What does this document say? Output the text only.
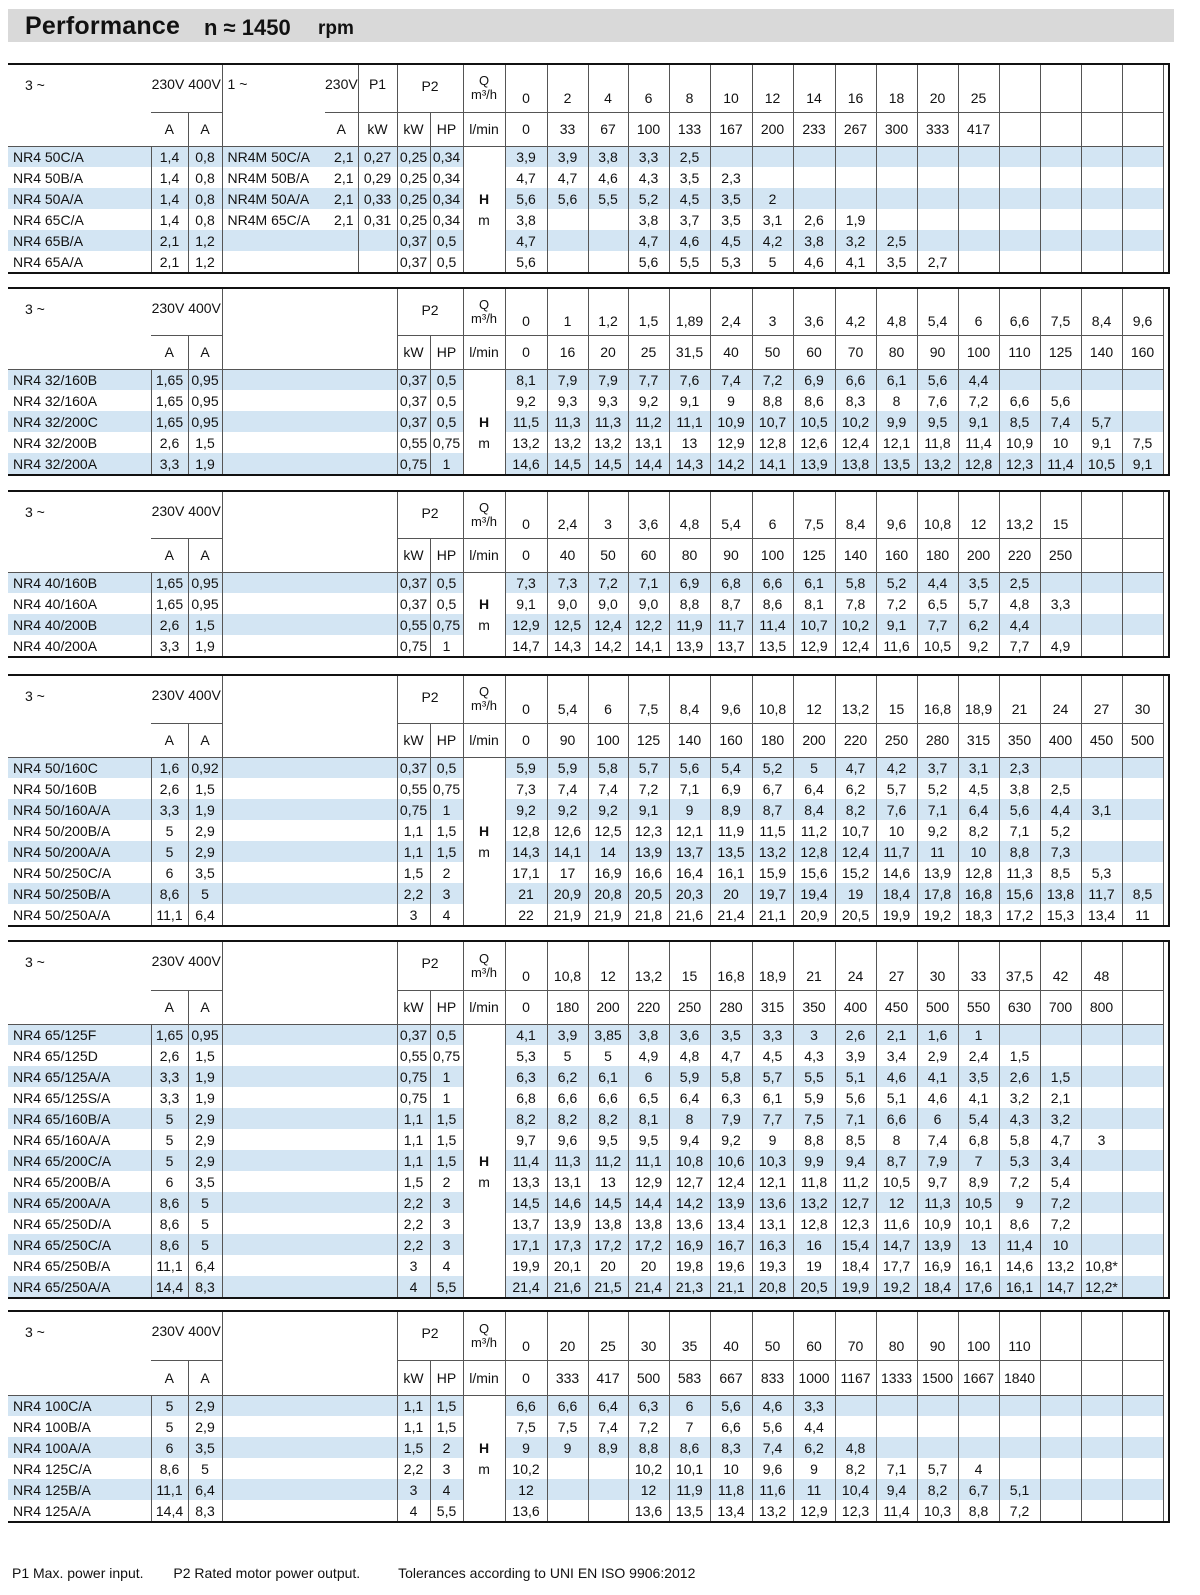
Performance n ≈ 1450 rpm
3 ~	230V 400V		1 ~	230V	P1	P2		Q
m³/h	0	2	4	6	8	10	12	14	16	18	20	25				
	A	A		A	kW	kW	HP	l/min	0	33	67	100	133	167	200	233	267	300	333	417				
NR4 50C/A	1,4	0,8	NR4M 50C/A	2,1	0,27	0,25	0,34		3,9	3,9	3,8	3,3	2,5											
NR4 50B/A	1,4	0,8	NR4M 50B/A	2,1	0,29	0,25	0,34		4,7	4,7	4,6	4,3	3,5	2,3										
NR4 50A/A	1,4	0,8	NR4M 50A/A	2,1	0,33	0,25	0,34	H	5,6	5,6	5,5	5,2	4,5	3,5	2									
NR4 65C/A	1,4	0,8	NR4M 65C/A	2,1	0,31	0,25	0,34	m	3,8			3,8	3,7	3,5	3,1	2,6	1,9							
NR4 65B/A	2,1	1,2				0,37	0,5		4,7			4,7	4,6	4,5	4,2	3,8	3,2	2,5						
NR4 65A/A	2,1	1,2				0,37	0,5		5,6			5,6	5,5	5,3	5	4,6	4,1	3,5	2,7					
3 ~	230V 400V			P2		Q
m³/h	0	1	1,2	1,5	1,89	2,4	3	3,6	4,2	4,8	5,4	6	6,6	7,5	8,4	9,6
	A	A		kW	HP	l/min	0	16	20	25	31,5	40	50	60	70	80	90	100	110	125	140	160
NR4 32/160B	1,65	0,95		0,37	0,5		8,1	7,9	7,9	7,7	7,6	7,4	7,2	6,9	6,6	6,1	5,6	4,4				
NR4 32/160A	1,65	0,95		0,37	0,5		9,2	9,3	9,3	9,2	9,1	9	8,8	8,6	8,3	8	7,6	7,2	6,6	5,6		
NR4 32/200C	1,65	0,95		0,37	0,5	H	11,5	11,3	11,3	11,2	11,1	10,9	10,7	10,5	10,2	9,9	9,5	9,1	8,5	7,4	5,7	
NR4 32/200B	2,6	1,5		0,55	0,75	m	13,2	13,2	13,2	13,1	13	12,9	12,8	12,6	12,4	12,1	11,8	11,4	10,9	10	9,1	7,5
NR4 32/200A	3,3	1,9		0,75	1		14,6	14,5	14,5	14,4	14,3	14,2	14,1	13,9	13,8	13,5	13,2	12,8	12,3	11,4	10,5	9,1
3 ~	230V 400V			P2		Q
m³/h	0	2,4	3	3,6	4,8	5,4	6	7,5	8,4	9,6	10,8	12	13,2	15		
	A	A		kW	HP	l/min	0	40	50	60	80	90	100	125	140	160	180	200	220	250		
NR4 40/160B	1,65	0,95		0,37	0,5		7,3	7,3	7,2	7,1	6,9	6,8	6,6	6,1	5,8	5,2	4,4	3,5	2,5			
NR4 40/160A	1,65	0,95		0,37	0,5	H	9,1	9,0	9,0	9,0	8,8	8,7	8,6	8,1	7,8	7,2	6,5	5,7	4,8	3,3		
NR4 40/200B	2,6	1,5		0,55	0,75	m	12,9	12,5	12,4	12,2	11,9	11,7	11,4	10,7	10,2	9,1	7,7	6,2	4,4			
NR4 40/200A	3,3	1,9		0,75	1		14,7	14,3	14,2	14,1	13,9	13,7	13,5	12,9	12,4	11,6	10,5	9,2	7,7	4,9		
3 ~	230V 400V			P2		Q
m³/h	0	5,4	6	7,5	8,4	9,6	10,8	12	13,2	15	16,8	18,9	21	24	27	30
	A	A		kW	HP	l/min	0	90	100	125	140	160	180	200	220	250	280	315	350	400	450	500
NR4 50/160C	1,6	0,92		0,37	0,5		5,9	5,9	5,8	5,7	5,6	5,4	5,2	5	4,7	4,2	3,7	3,1	2,3			
NR4 50/160B	2,6	1,5		0,55	0,75		7,3	7,4	7,4	7,2	7,1	6,9	6,7	6,4	6,2	5,7	5,2	4,5	3,8	2,5		
NR4 50/160A/A	3,3	1,9		0,75	1		9,2	9,2	9,2	9,1	9	8,9	8,7	8,4	8,2	7,6	7,1	6,4	5,6	4,4	3,1	
NR4 50/200B/A	5	2,9		1,1	1,5	H	12,8	12,6	12,5	12,3	12,1	11,9	11,5	11,2	10,7	10	9,2	8,2	7,1	5,2		
NR4 50/200A/A	5	2,9		1,1	1,5	m	14,3	14,1	14	13,9	13,7	13,5	13,2	12,8	12,4	11,7	11	10	8,8	7,3		
NR4 50/250C/A	6	3,5		1,5	2		17,1	17	16,9	16,6	16,4	16,1	15,9	15,6	15,2	14,6	13,9	12,8	11,3	8,5	5,3	
NR4 50/250B/A	8,6	5		2,2	3		21	20,9	20,8	20,5	20,3	20	19,7	19,4	19	18,4	17,8	16,8	15,6	13,8	11,7	8,5
NR4 50/250A/A	11,1	6,4		3	4		22	21,9	21,9	21,8	21,6	21,4	21,1	20,9	20,5	19,9	19,2	18,3	17,2	15,3	13,4	11
3 ~	230V 400V			P2		Q
m³/h	0	10,8	12	13,2	15	16,8	18,9	21	24	27	30	33	37,5	42	48	
	A	A		kW	HP	l/min	0	180	200	220	250	280	315	350	400	450	500	550	630	700	800	
NR4 65/125F	1,65	0,95		0,37	0,5		4,1	3,9	3,85	3,8	3,6	3,5	3,3	3	2,6	2,1	1,6	1				
NR4 65/125D	2,6	1,5		0,55	0,75		5,3	5	5	4,9	4,8	4,7	4,5	4,3	3,9	3,4	2,9	2,4	1,5			
NR4 65/125A/A	3,3	1,9		0,75	1		6,3	6,2	6,1	6	5,9	5,8	5,7	5,5	5,1	4,6	4,1	3,5	2,6	1,5		
NR4 65/125S/A	3,3	1,9		0,75	1		6,8	6,6	6,6	6,5	6,4	6,3	6,1	5,9	5,6	5,1	4,6	4,1	3,2	2,1		
NR4 65/160B/A	5	2,9		1,1	1,5		8,2	8,2	8,2	8,1	8	7,9	7,7	7,5	7,1	6,6	6	5,4	4,3	3,2		
NR4 65/160A/A	5	2,9		1,1	1,5		9,7	9,6	9,5	9,5	9,4	9,2	9	8,8	8,5	8	7,4	6,8	5,8	4,7	3	
NR4 65/200C/A	5	2,9		1,1	1,5	H	11,4	11,3	11,2	11,1	10,8	10,6	10,3	9,9	9,4	8,7	7,9	7	5,3	3,4		
NR4 65/200B/A	6	3,5		1,5	2	m	13,3	13,1	13	12,9	12,7	12,4	12,1	11,8	11,2	10,5	9,7	8,9	7,2	5,4		
NR4 65/200A/A	8,6	5		2,2	3		14,5	14,6	14,5	14,4	14,2	13,9	13,6	13,2	12,7	12	11,3	10,5	9	7,2		
NR4 65/250D/A	8,6	5		2,2	3		13,7	13,9	13,8	13,8	13,6	13,4	13,1	12,8	12,3	11,6	10,9	10,1	8,6	7,2		
NR4 65/250C/A	8,6	5		2,2	3		17,1	17,3	17,2	17,2	16,9	16,7	16,3	16	15,4	14,7	13,9	13	11,4	10		
NR4 65/250B/A	11,1	6,4		3	4		19,9	20,1	20	20	19,8	19,6	19,3	19	18,4	17,7	16,9	16,1	14,6	13,2	10,8*	
NR4 65/250A/A	14,4	8,3		4	5,5		21,4	21,6	21,5	21,4	21,3	21,1	20,8	20,5	19,9	19,2	18,4	17,6	16,1	14,7	12,2*	
3 ~	230V 400V			P2		Q
m³/h	0	20	25	30	35	40	50	60	70	80	90	100	110			
	A	A		kW	HP	l/min	0	333	417	500	583	667	833	1000	1167	1333	1500	1667	1840			
NR4 100C/A	5	2,9		1,1	1,5		6,6	6,6	6,4	6,3	6	5,6	4,6	3,3								
NR4 100B/A	5	2,9		1,1	1,5		7,5	7,5	7,4	7,2	7	6,6	5,6	4,4								
NR4 100A/A	6	3,5		1,5	2	H	9	9	8,9	8,8	8,6	8,3	7,4	6,2	4,8							
NR4 125C/A	8,6	5		2,2	3	m	10,2			10,2	10,1	10	9,6	9	8,2	7,1	5,7	4				
NR4 125B/A	11,1	6,4		3	4		12			12	11,9	11,8	11,6	11	10,4	9,4	8,2	6,7	5,1			
NR4 125A/A	14,4	8,3		4	5,5		13,6			13,6	13,5	13,4	13,2	12,9	12,3	11,4	10,3	8,8	7,2			
P1 Max. power input. P2 Rated motor power output.	Tolerances according to UNI EN ISO 9906:2012
